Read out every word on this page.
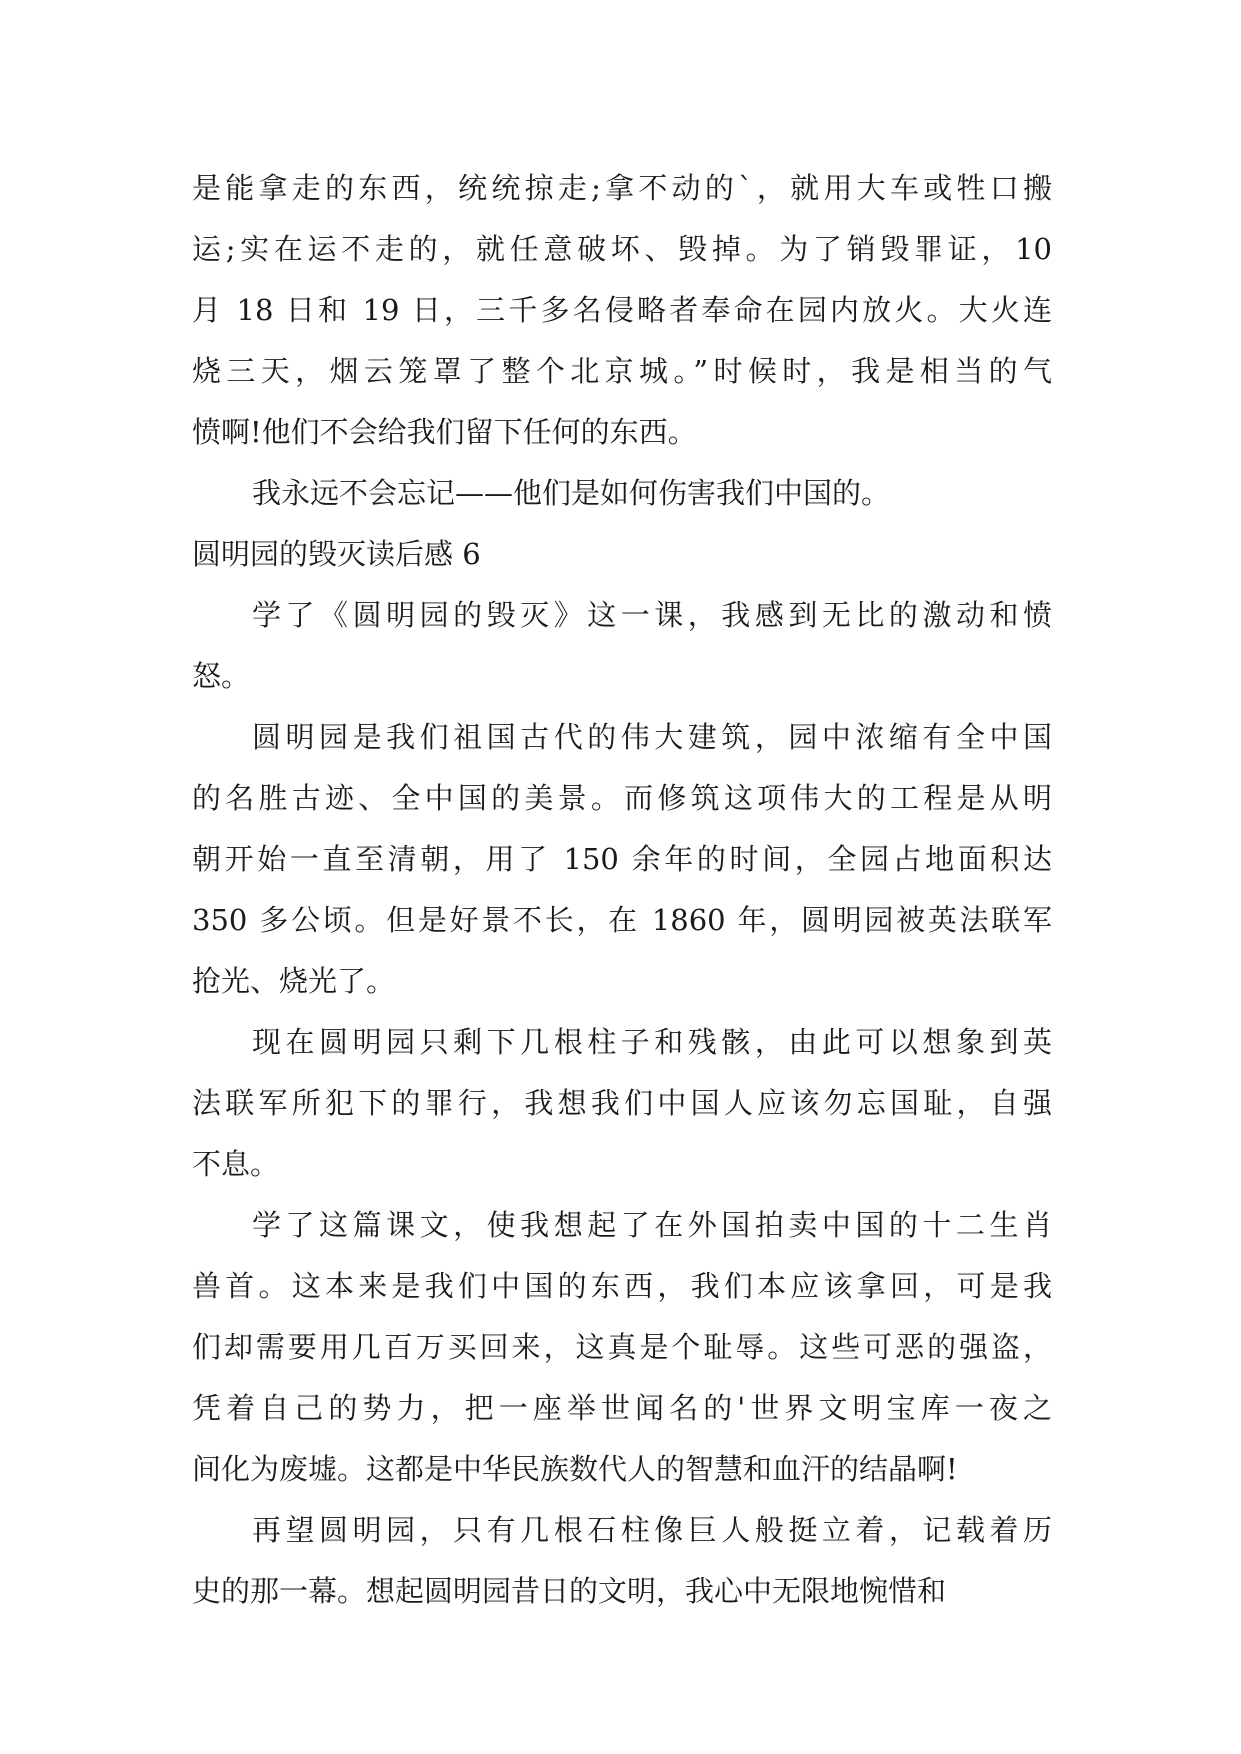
是能拿走的东西，统统掠走;拿不动的`，就用大车或牲口搬
运;实在运不走的，就任意破坏、毁掉。为了销毁罪证，10
月 18 日和 19 日，三千多名侵略者奉命在园内放火。大火连
烧三天，烟云笼罩了整个北京城。”时候时，我是相当的气
愤啊!他们不会给我们留下任何的东西。
我永远不会忘记——他们是如何伤害我们中国的。
圆明园的毁灭读后感 6
学了《圆明园的毁灭》这一课，我感到无比的激动和愤
怒。
圆明园是我们祖国古代的伟大建筑，园中浓缩有全中国
的名胜古迹、全中国的美景。而修筑这项伟大的工程是从明
朝开始一直至清朝，用了 150 余年的时间，全园占地面积达
350 多公顷。但是好景不长，在 1860 年，圆明园被英法联军
抢光、烧光了。
现在圆明园只剩下几根柱子和残骸，由此可以想象到英
法联军所犯下的罪行，我想我们中国人应该勿忘国耻，自强
不息。
学了这篇课文，使我想起了在外国拍卖中国的十二生肖
兽首。这本来是我们中国的东西，我们本应该拿回，可是我
们却需要用几百万买回来，这真是个耻辱。这些可恶的强盗，
凭着自己的势力，把一座举世闻名的'世界文明宝库一夜之
间化为废墟。这都是中华民族数代人的智慧和血汗的结晶啊!
再望圆明园，只有几根石柱像巨人般挺立着，记载着历
史的那一幕。想起圆明园昔日的文明，我心中无限地惋惜和
